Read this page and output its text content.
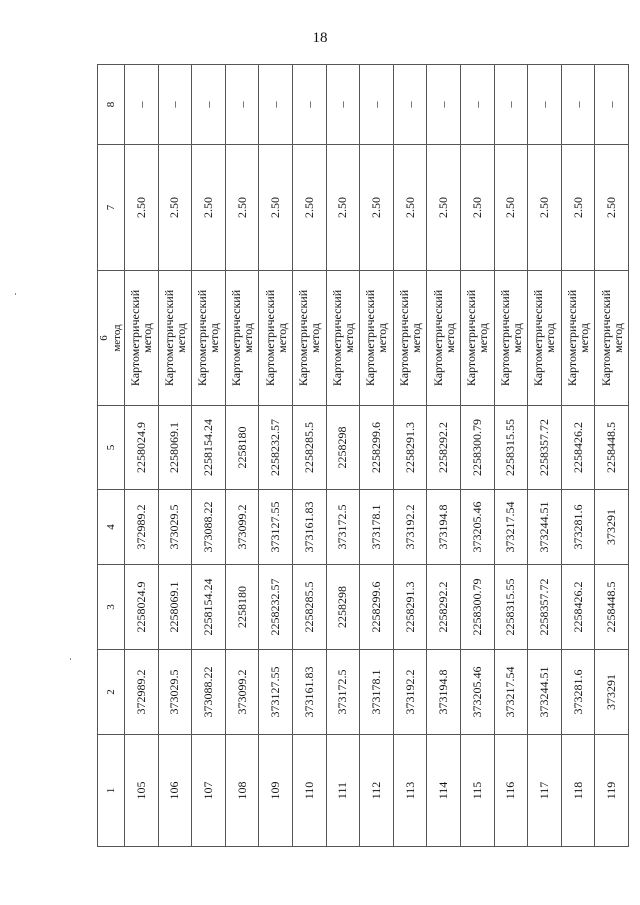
18
1	2	3	4	5	6 метод	7	8
105	372989.2	2258024.9	372989.2	2258024.9	Картометрический метод	2.50	–
106	373029.5	2258069.1	373029.5	2258069.1	Картометрический метод	2.50	–
107	373088.22	2258154.24	373088.22	2258154.24	Картометрический метод	2.50	–
108	373099.2	2258180	373099.2	2258180	Картометрический метод	2.50	–
109	373127.55	2258232.57	373127.55	2258232.57	Картометрический метод	2.50	–
110	373161.83	2258285.5	373161.83	2258285.5	Картометрический метод	2.50	–
111	373172.5	2258298	373172.5	2258298	Картометрический метод	2.50	–
112	373178.1	2258299.6	373178.1	2258299.6	Картометрический метод	2.50	–
113	373192.2	2258291.3	373192.2	2258291.3	Картометрический метод	2.50	–
114	373194.8	2258292.2	373194.8	2258292.2	Картометрический метод	2.50	–
115	373205.46	2258300.79	373205.46	2258300.79	Картометрический метод	2.50	–
116	373217.54	2258315.55	373217.54	2258315.55	Картометрический метод	2.50	–
117	373244.51	2258357.72	373244.51	2258357.72	Картометрический метод	2.50	–
118	373281.6	2258426.2	373281.6	2258426.2	Картометрический метод	2.50	–
119	373291	2258448.5	373291	2258448.5	Картометрический метод	2.50	–
